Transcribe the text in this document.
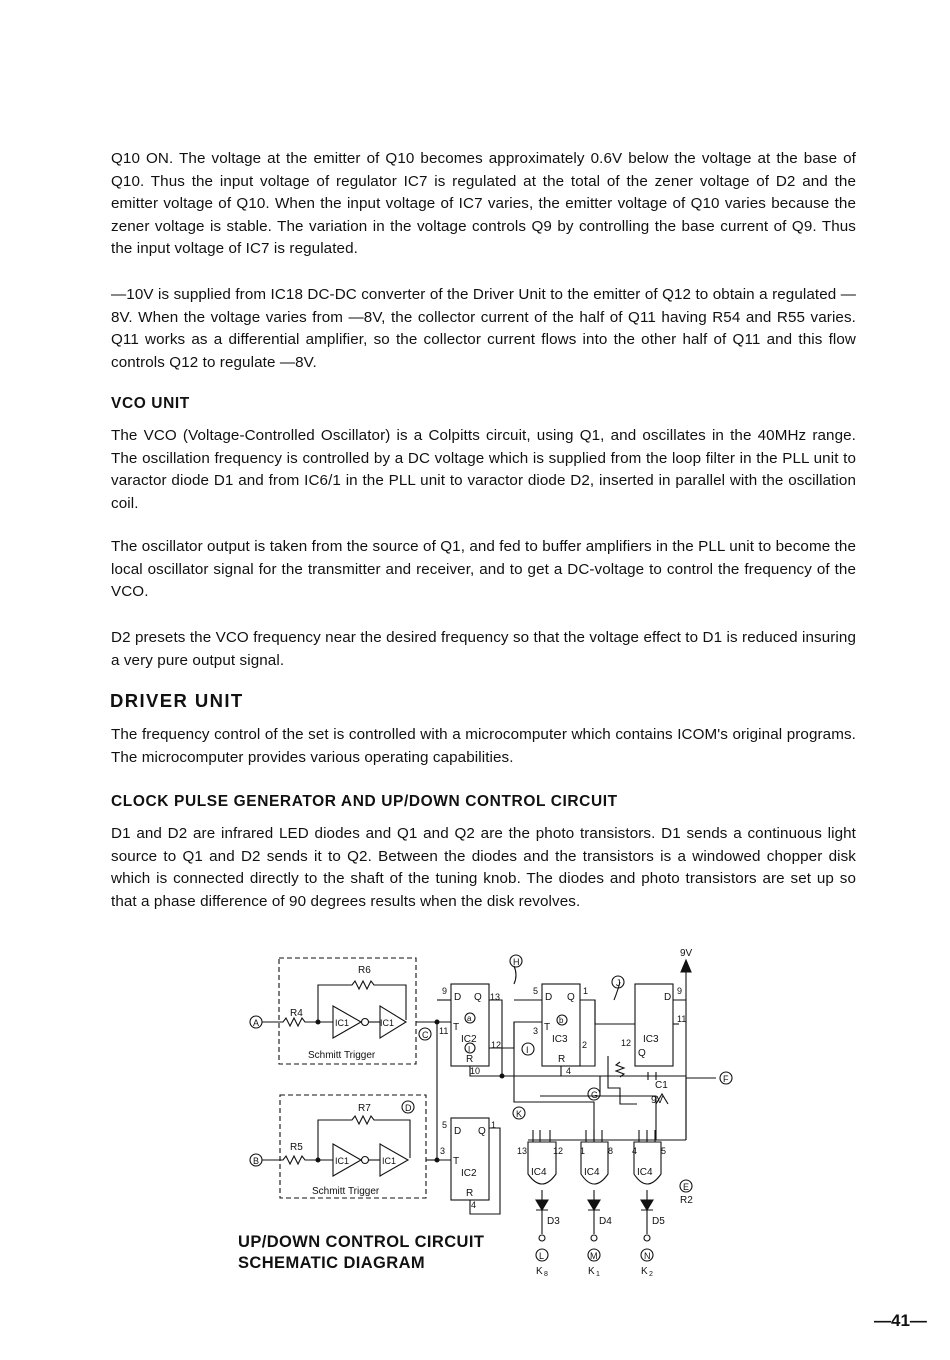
Q10 ON. The voltage at the emitter of Q10 becomes approximately 0.6V below the voltage at the base of Q10. Thus the input voltage of regulator IC7 is regulated at the total of the zener voltage of D2 and the emitter voltage of Q10. When the input voltage of IC7 varies, the emitter voltage of Q10 varies because the zener voltage is stable. The variation in the voltage controls Q9 by controlling the base current of Q9. Thus the input voltage of IC7 is regulated.

—10V is supplied from IC18 DC-DC converter of the Driver Unit to the emitter of Q12 to obtain a regulated —8V. When the voltage varies from —8V, the collector current of the half of Q11 having R54 and R55 varies. Q11 works as a differential amplifier, so the collector current flows into the other half of Q11 and this flow controls Q12 to regulate —8V.

VCO UNIT

The VCO (Voltage-Controlled Oscillator) is a Colpitts circuit, using Q1, and oscillates in the 40MHz range. The oscillation frequency is controlled by a DC voltage which is supplied from the loop filter in the PLL unit to varactor diode D1 and from IC6/1 in the PLL unit to varactor diode D2, inserted in parallel with the oscillation coil.

The oscillator output is taken from the source of Q1, and fed to buffer amplifiers in the PLL unit to become the local oscillator signal for the transmitter and receiver, and to get a DC-voltage to control the frequency of the VCO.

D2 presets the VCO frequency near the desired frequency so that the voltage effect to D1 is reduced insuring a very pure output signal.

DRIVER UNIT

The frequency control of the set is controlled with a microcomputer which contains ICOM's original programs. The microcomputer provides various operating capabilities.

CLOCK PULSE GENERATOR AND UP/DOWN CONTROL CIRCUIT

D1 and D2 are infrared LED diodes and Q1 and Q2 are the photo transistors. D1 sends a continuous light source to Q1 and D2 sends it to Q2. Between the diodes and the transistors is a windowed chopper disk which is connected directly to the shaft of the tuning knob. The diodes and photo transistors are set up so that a phase difference of 90 degrees results when the disk revolves.

R6
R4
IC1	IC1
Schmitt Trigger
R7
R5
IC1	IC1
Schmitt Trigger
A
B
C
D
D Q
T
IC2
R
a
I
D Q
T
IC2
R
D Q
T
IC3
R
b
D
IC3
Q
9
13
11
12
10
5	1
3
2
4
9
11
12
5	1
3
4
9V
9V
C1
H
J
I
G
K
F
E
R2
IC4	IC4	IC4
13	12 1	8 4	5
D3	D4	D5
L	M	N
K 8	K 1	K 2

UP/DOWN CONTROL CIRCUIT

SCHEMATIC DIAGRAM

—41—
